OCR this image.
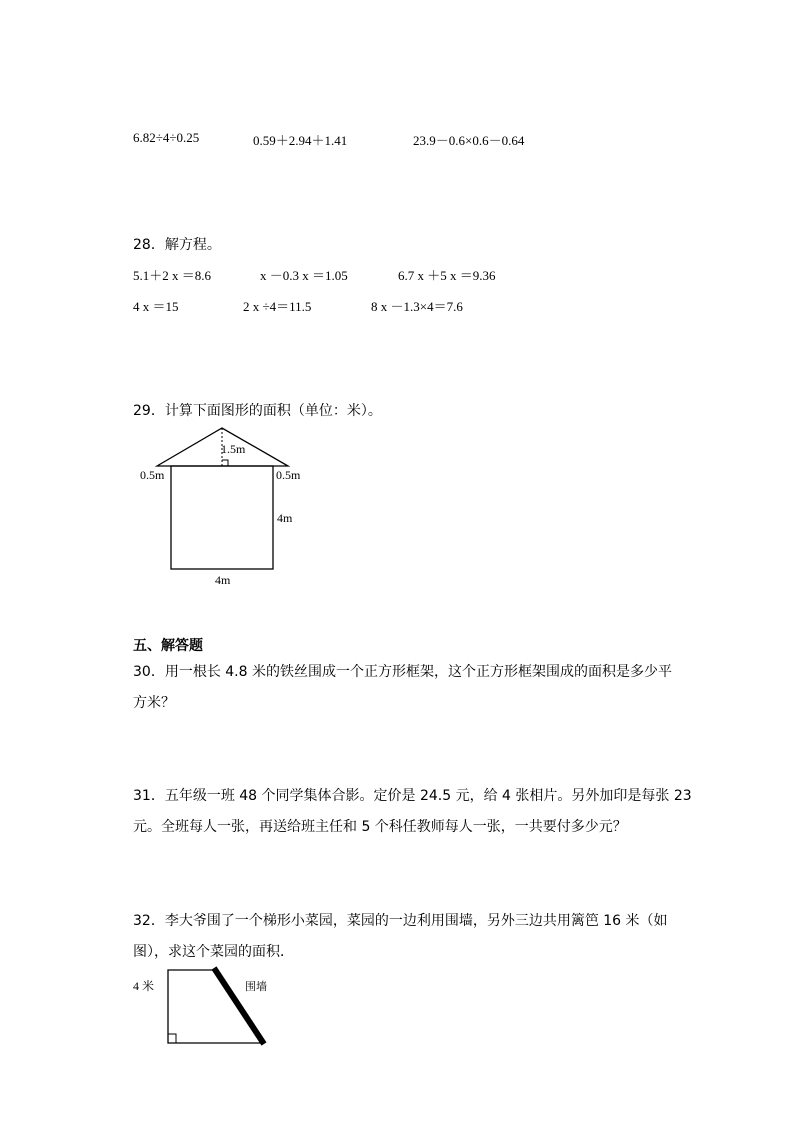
6.82÷4÷0.25	0.59＋2.94＋1.41	23.9－0.6×0.6－0.64
28．解方程。
5.1＋2 x ＝8.6	x －0.3 x ＝1.05	6.7 x ＋5 x ＝9.36
4 x ＝15	2 x ÷4＝11.5	8 x －1.3×4＝7.6
29．计算下面图形的面积（单位：米）。
1.5m
0.5m	0.5m
4m
4m
五、解答题
30．用一根长 4.8 米的铁丝围成一个正方形框架，这个正方形框架围成的面积是多少平
方米？
31．五年级一班 48 个同学集体合影。定价是 24.5 元，给 4 张相片。另外加印是每张 23
元。全班每人一张，再送给班主任和 5 个科任教师每人一张，一共要付多少元？
32．李大爷围了一个梯形小菜园，菜园的一边利用围墙，另外三边共用篱笆 16 米（如
图），求这个菜园的面积．
4 米	围墙
